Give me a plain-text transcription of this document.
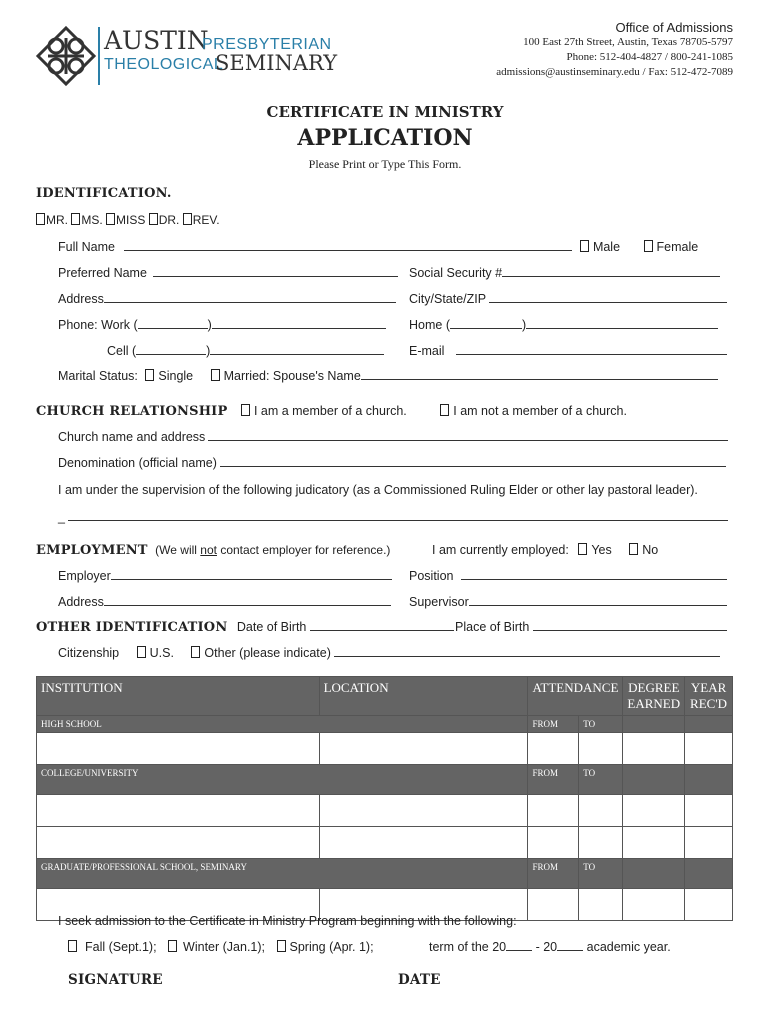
AUSTIN
PRESBYTERIAN
THEOLOGICAL
SEMINARY
Office of Admissions
100 East 27th Street, Austin, Texas 78705-5797
Phone: 512-404-4827 / 800-241-1085
admissions@austinseminary.edu / Fax: 512-472-7089
CERTIFICATE IN MINISTRY
APPLICATION
Please Print or Type This Form.
IDENTIFICATION.
MR. MS. MISS DR. REV.
Full Name	Male	Female
Preferred Name	Social Security #
Address	City/State/ZIP
Phone: Work (	)	Home (	)
Cell (	)	E-mail
Marital Status: Single Married: Spouse's Name
CHURCH RELATIONSHIP I am a member of a church.	I am not a member of a church.
Church name and address
Denomination (official name)
I am under the supervision of the following judicatory (as a Commissioned Ruling Elder or other lay pastoral leader).
_
EMPLOYMENT (We will not contact employer for reference.)	I am currently employed: Yes No
Employer	Position
Address	Supervisor
OTHER IDENTIFICATION Date of Birth	Place of Birth
Citizenship U.S. Other (please indicate)
INSTITUTION	LOCATION	ATTENDANCE		DEGREE EARNED	YEAR REC'D
HIGH SCHOOL		FROM	TO		

COLLEGE/UNIVERSITY		FROM	TO		

GRADUATE/PROFESSIONAL SCHOOL, SEMINARY		FROM	TO		

I seek admission to the Certificate in Ministry Program beginning with the following:
Fall (Sept.1); Winter (Jan.1); Spring (Apr. 1);	term of the 20 - 20 academic year.
SIGNATURE	DATE
